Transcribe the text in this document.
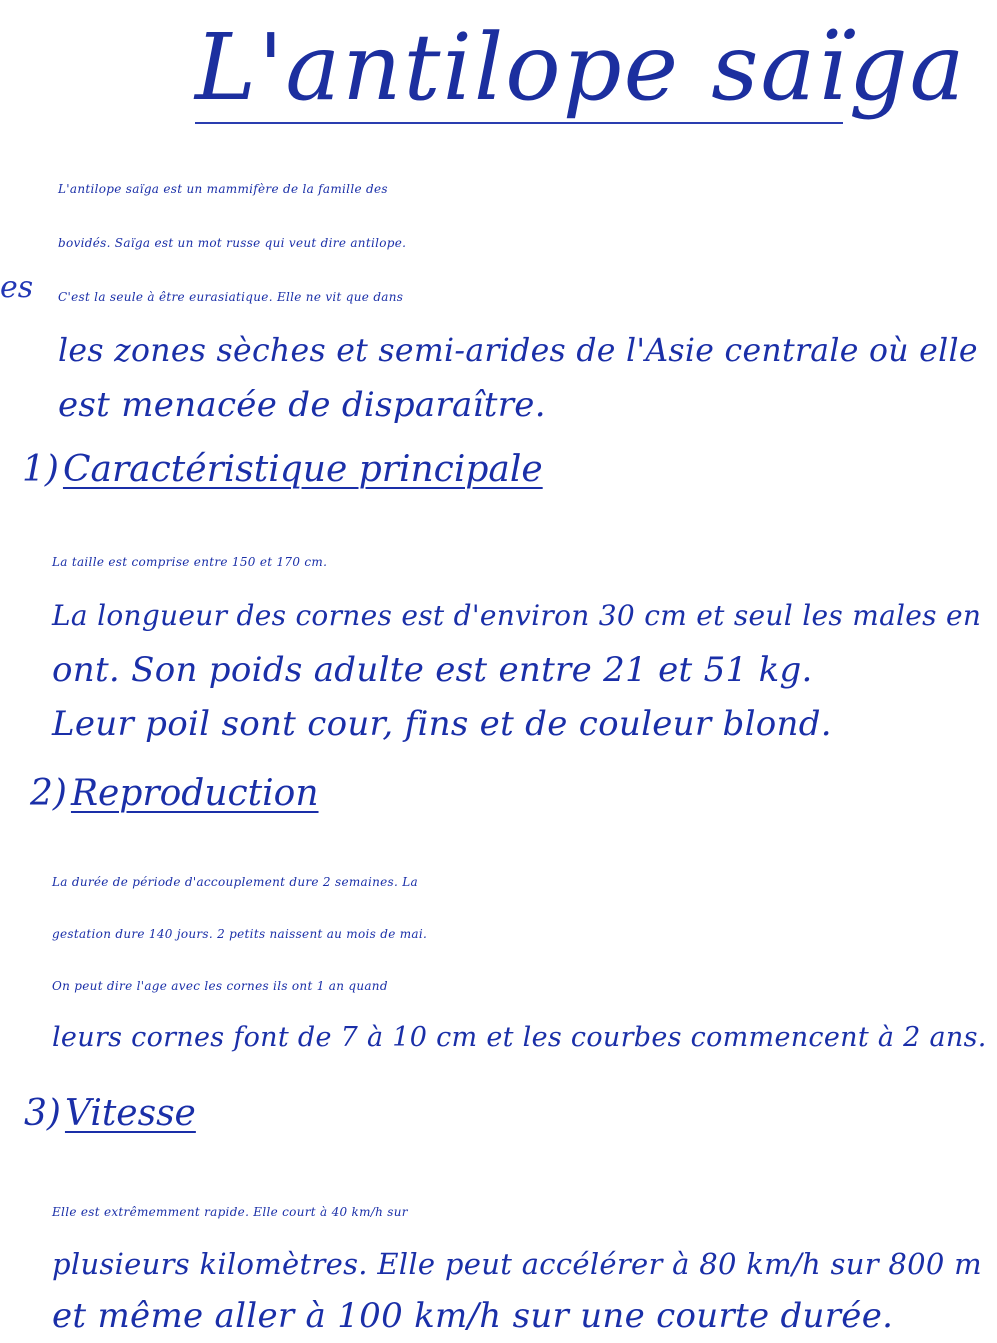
L'antilope saïga
es
L'antilope saïga est un mammifère de la famille des
bovidés. Saïga est un mot russe qui veut dire antilope.
C'est la seule à être eurasiatique. Elle ne vit que dans
les zones sèches et semi-arides de l'Asie centrale où elle
est menacée de disparaître.
1) Caractéristique principale
La taille est comprise entre 150 et 170 cm.
La longueur des cornes est d'environ 30 cm et seul les males en
ont. Son poids adulte est entre 21 et 51 kg.
Leur poil sont cour, fins et de couleur blond.
2) Reproduction
La durée de période d'accouplement dure 2 semaines. La
gestation dure 140 jours. 2 petits naissent au mois de mai.
On peut dire l'age avec les cornes ils ont 1 an quand
leurs cornes font de 7 à 10 cm et les courbes commencent à 2 ans.
3) Vitesse
Elle est extrêmemment rapide. Elle court à 40 km/h sur
plusieurs kilomètres. Elle peut accélérer à 80 km/h sur 800 m
et même aller à 100 km/h sur une courte durée.
